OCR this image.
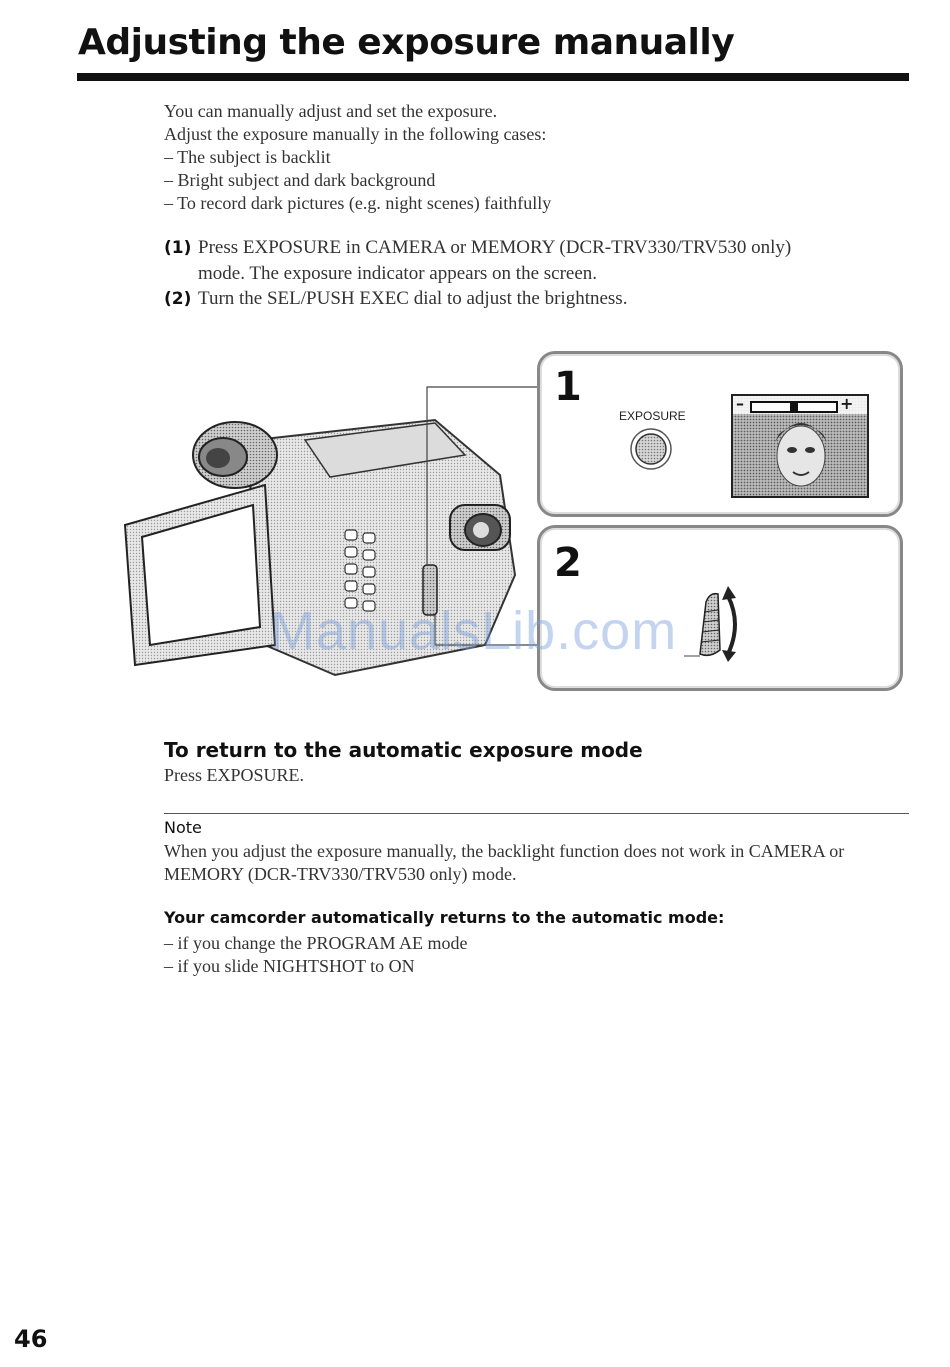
Adjusting the exposure manually
You can manually adjust and set the exposure.
Adjust the exposure manually in the following cases:
– The subject is backlit
– Bright subject and dark background
– To record dark pictures (e.g. night scenes) faithfully
(1) Press EXPOSURE in CAMERA or MEMORY (DCR-TRV330/TRV530 only)
mode. The exposure indicator appears on the screen.
(2) Turn the SEL/PUSH EXEC dial to adjust the brightness.
1
EXPOSURE
–	+
2
ManualsLib.com
To return to the automatic exposure mode
Press EXPOSURE.
Note
When you adjust the exposure manually, the backlight function does not work in CAMERA or MEMORY (DCR-TRV330/TRV530 only) mode.
Your camcorder automatically returns to the automatic mode:
– if you change the PROGRAM AE mode
– if you slide NIGHTSHOT to ON
46
